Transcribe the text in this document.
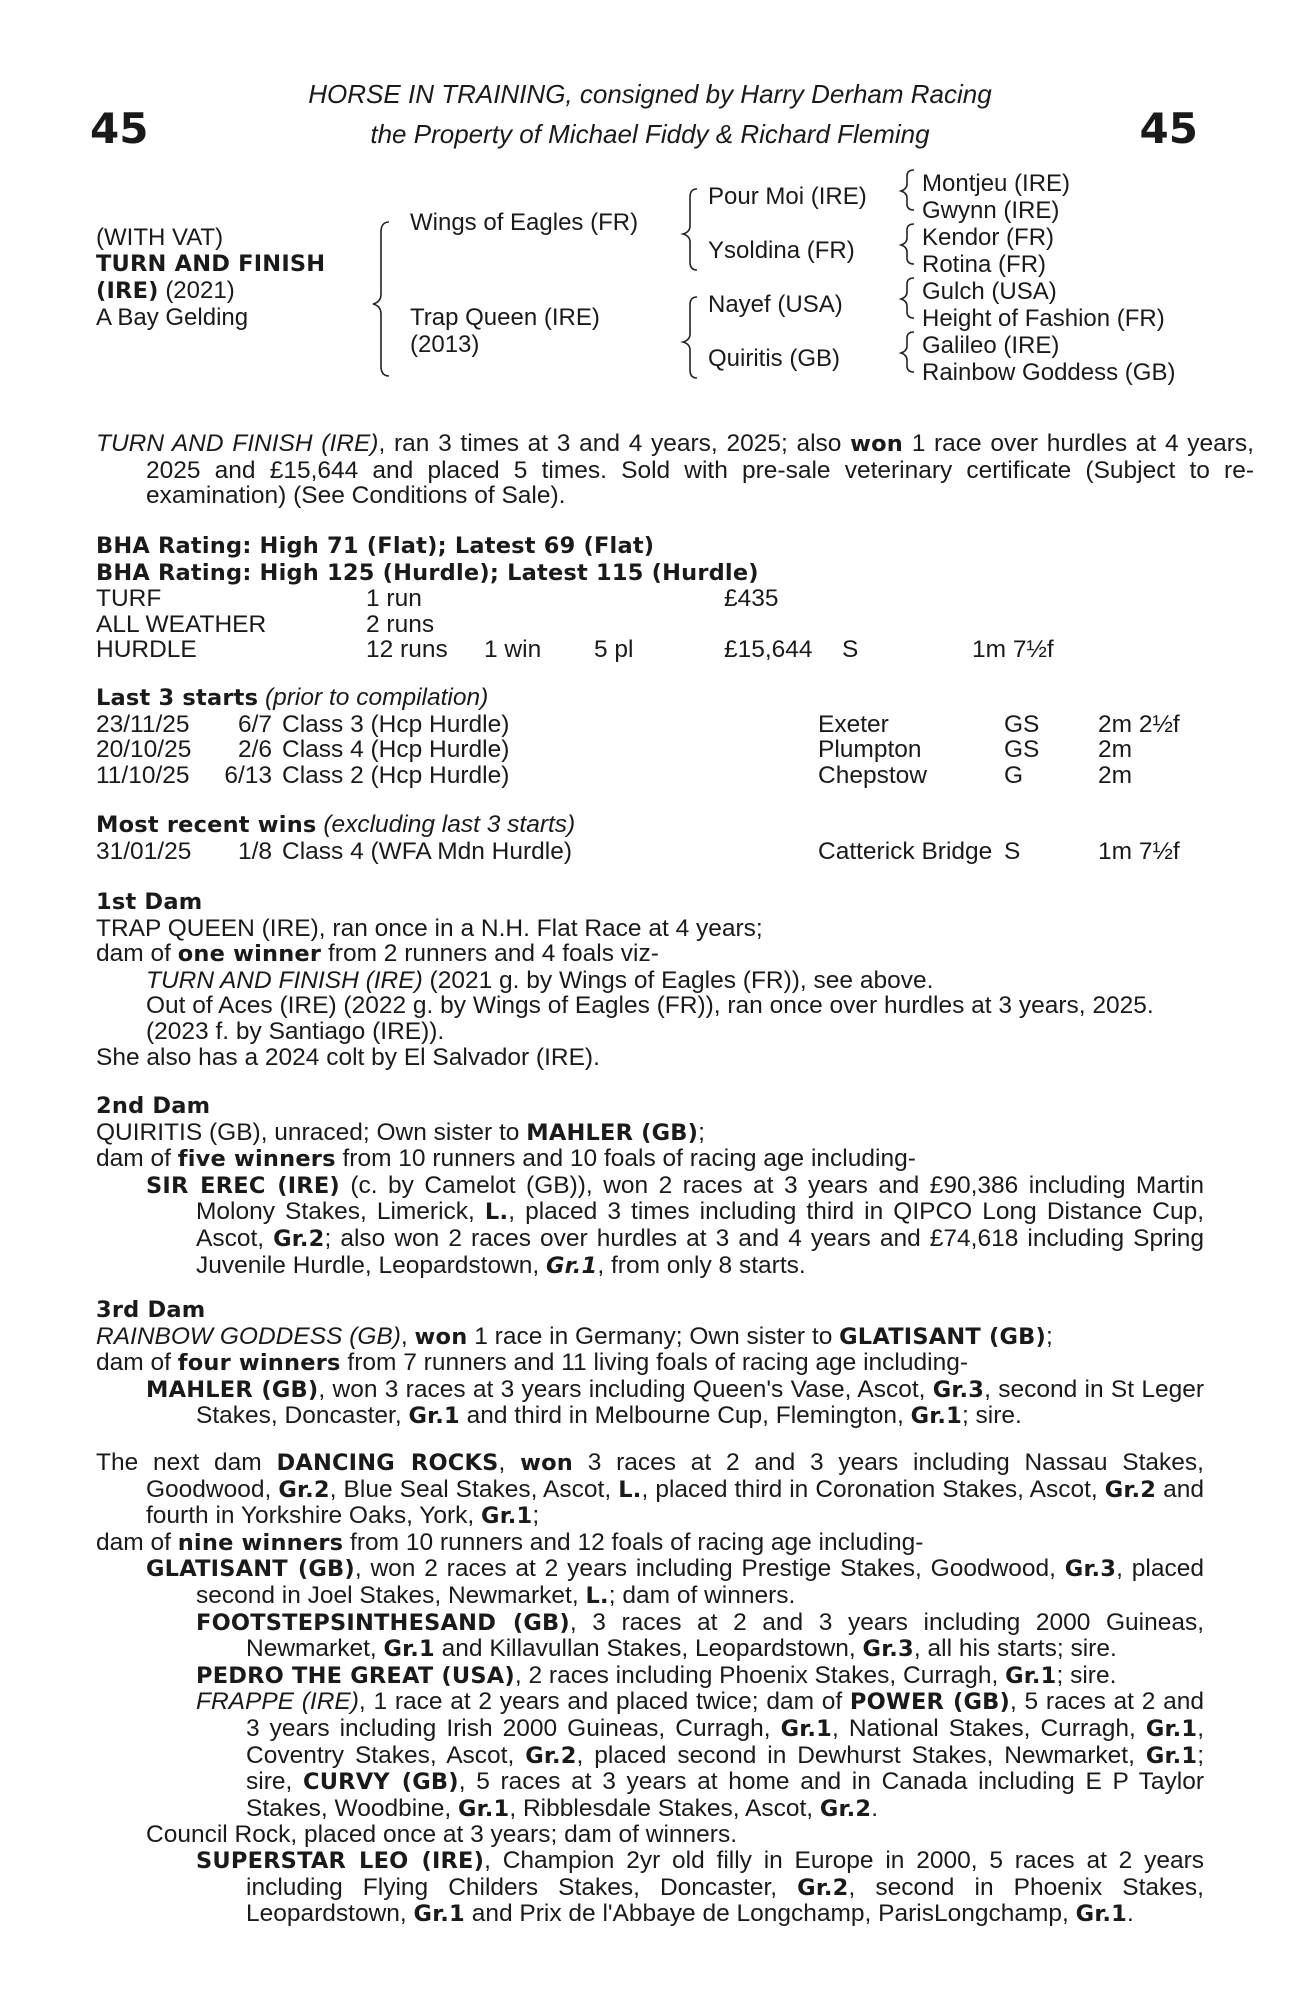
45	45
HORSE IN TRAINING, consigned by Harry Derham Racing
the Property of Michael Fiddy & Richard Fleming
(WITH VAT)
TURN AND FINISH
(IRE) (2021)
A Bay Gelding
Wings of Eagles (FR)
Trap Queen (IRE)
(2013)
Pour Moi (IRE)
Ysoldina (FR)
Nayef (USA)
Quiritis (GB)
Montjeu (IRE)
Gwynn (IRE)
Kendor (FR)
Rotina (FR)
Gulch (USA)
Height of Fashion (FR)
Galileo (IRE)
Rainbow Goddess (GB)
TURN AND FINISH (IRE), ran 3 times at 3 and 4 years, 2025; also won 1 race over hurdles at 4 years, 2025 and £15,644 and placed 5 times. Sold with pre-sale veterinary certificate (Subject to re-examination) (See Conditions of Sale).
BHA Rating: High 71 (Flat); Latest 69 (Flat)
BHA Rating: High 125 (Hurdle); Latest 115 (Hurdle)
TURF	1 run	£435
ALL WEATHER	2 runs
HURDLE	12 runs 1 win 5 pl	£15,644 S	1m 7½f
Last 3 starts (prior to compilation)
23/11/25 6/7 Class 3 (Hcp Hurdle)	Exeter	GS 2m 2½f
20/10/25 2/6 Class 4 (Hcp Hurdle)	Plumpton	GS 2m
11/10/25 6/13 Class 2 (Hcp Hurdle)	Chepstow	G	2m
Most recent wins (excluding last 3 starts)
31/01/25 1/8 Class 4 (WFA Mdn Hurdle)	Catterick Bridge S	1m 7½f
1st Dam
TRAP QUEEN (IRE), ran once in a N.H. Flat Race at 4 years;
dam of one winner from 2 runners and 4 foals viz-
TURN AND FINISH (IRE) (2021 g. by Wings of Eagles (FR)), see above.
Out of Aces (IRE) (2022 g. by Wings of Eagles (FR)), ran once over hurdles at 3 years, 2025.
(2023 f. by Santiago (IRE)).
She also has a 2024 colt by El Salvador (IRE).
2nd Dam
QUIRITIS (GB), unraced; Own sister to MAHLER (GB);
dam of five winners from 10 runners and 10 foals of racing age including-
SIR EREC (IRE) (c. by Camelot (GB)), won 2 races at 3 years and £90,386 including Martin Molony Stakes, Limerick, L., placed 3 times including third in QIPCO Long Distance Cup, Ascot, Gr.2; also won 2 races over hurdles at 3 and 4 years and £74,618 including Spring Juvenile Hurdle, Leopardstown, Gr.1, from only 8 starts.
3rd Dam
RAINBOW GODDESS (GB), won 1 race in Germany; Own sister to GLATISANT (GB);
dam of four winners from 7 runners and 11 living foals of racing age including-
MAHLER (GB), won 3 races at 3 years including Queen's Vase, Ascot, Gr.3, second in St Leger Stakes, Doncaster, Gr.1 and third in Melbourne Cup, Flemington, Gr.1; sire.
The next dam DANCING ROCKS, won 3 races at 2 and 3 years including Nassau Stakes, Goodwood, Gr.2, Blue Seal Stakes, Ascot, L., placed third in Coronation Stakes, Ascot, Gr.2 and fourth in Yorkshire Oaks, York, Gr.1;
dam of nine winners from 10 runners and 12 foals of racing age including-
GLATISANT (GB), won 2 races at 2 years including Prestige Stakes, Goodwood, Gr.3, placed second in Joel Stakes, Newmarket, L.; dam of winners.
FOOTSTEPSINTHESAND (GB), 3 races at 2 and 3 years including 2000 Guineas, Newmarket, Gr.1 and Killavullan Stakes, Leopardstown, Gr.3, all his starts; sire.
PEDRO THE GREAT (USA), 2 races including Phoenix Stakes, Curragh, Gr.1; sire.
FRAPPE (IRE), 1 race at 2 years and placed twice; dam of POWER (GB), 5 races at 2 and 3 years including Irish 2000 Guineas, Curragh, Gr.1, National Stakes, Curragh, Gr.1, Coventry Stakes, Ascot, Gr.2, placed second in Dewhurst Stakes, Newmarket, Gr.1; sire, CURVY (GB), 5 races at 3 years at home and in Canada including E P Taylor Stakes, Woodbine, Gr.1, Ribblesdale Stakes, Ascot, Gr.2.
Council Rock, placed once at 3 years; dam of winners.
SUPERSTAR LEO (IRE), Champion 2yr old filly in Europe in 2000, 5 races at 2 years including Flying Childers Stakes, Doncaster, Gr.2, second in Phoenix Stakes, Leopardstown, Gr.1 and Prix de l'Abbaye de Longchamp, ParisLongchamp, Gr.1.
